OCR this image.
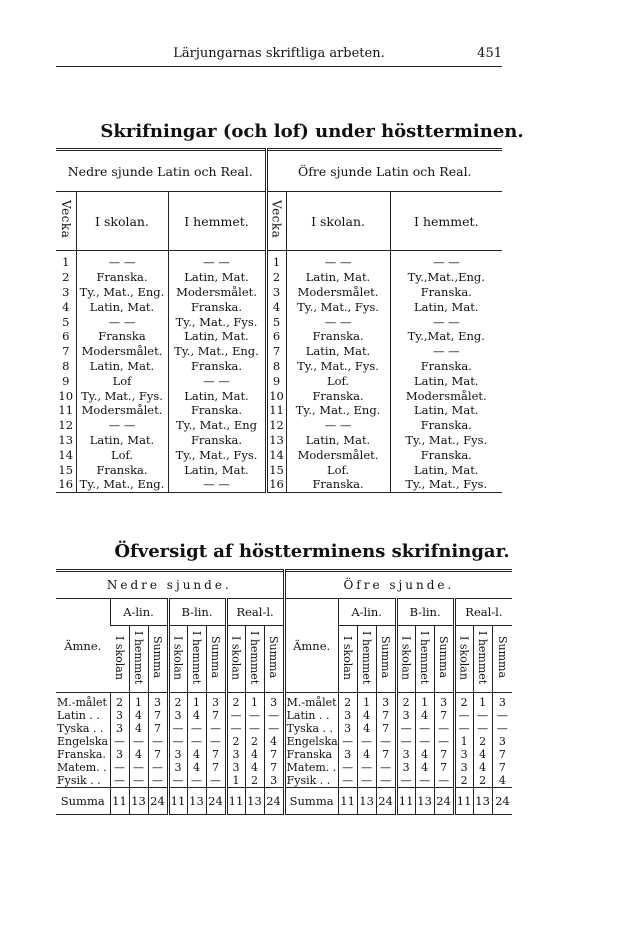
Lärjungarnas skriftliga arbeten.	451
Skrifningar (och lof) under höstterminen.
Nedre sjunde Latin och Real.			Öfre sjunde Latin och Real.		
Vecka	I skolan.	I hemmet.	Vecka	I skolan.	I hemmet.

1	— —	— —	1	— —	— —
2	Franska.	Latin, Mat.	2	Latin, Mat.	Ty.,Mat.,Eng.
3	Ty., Mat., Eng.	Modersmålet.	3	Modersmålet.	Franska.
4	Latin, Mat.	Franska.	4	Ty., Mat., Fys.	Latin, Mat.
5	— —	Ty., Mat., Fys.	5	— —	— —
6	Franska	Latin, Mat.	6	Franska.	Ty.,Mat, Eng.
7	Modersmålet.	Ty., Mat., Eng.	7	Latin, Mat.	— —
8	Latin, Mat.	Franska.	8	Ty., Mat., Fys.	Franska.
9	Lof	— —	9	Lof.	Latin, Mat.
10	Ty., Mat., Fys.	Latin, Mat.	10	Franska.	Modersmålet.
11	Modersmålet.	Franska.	11	Ty., Mat., Eng.	Latin, Mat.
12	— —	Ty., Mat., Eng	12	— —	Franska.
13	Latin, Mat.	Franska.	13	Latin, Mat.	Ty., Mat., Fys.
14	Lof.	Ty., Mat., Fys.	14	Modersmålet.	Franska.
15	Franska.	Latin, Mat.	15	Lof.	Latin, Mat.
16	Ty., Mat., Eng.	— —	16	Franska.	Ty., Mat., Fys.
Öfversigt af höstterminens skrifningar.
Nedre sjunde.										Öfre sjunde.									
Ämne.	A-lin.			B-lin.			Real-l.			Ämne.	A-lin.			B-lin.			Real-l.		
	I skolan	I hemmet	Summa	I skolan	I hemmet	Summa	I skolan	I hemmet	Summa		I skolan	I hemmet	Summa	I skolan	I hemmet	Summa	I skolan	I hemmet	Summa

M.-målet	2	1	3	2	1	3	2	1	3	M.-målet	2	1	3	2	1	3	2	1	3
Latin . .	3	4	7	3	4	7	—	—	—	Latin . .	3	4	7	3	4	7	—	—	—
Tyska . .	3	4	7	—	—	—	—	—	—	Tyska . .	3	4	7	—	—	—	—	—	—
Engelska	—	—	—	—	—	—	2	2	4	Engelska	—	—	—	—	—	—	1	2	3
Franska.	3	4	7	3	4	7	3	4	7	Franska	3	4	7	3	4	7	3	4	7
Matem. .	—	—	—	3	4	7	3	4	7	Matem. .	—	—	—	3	4	7	3	4	7
Fysik . .	—	—	—	—	—	—	1	2	3	Fysik . .	—	—	—	—	—	—	2	2	4
Summa	11	13	24	11	13	24	11	13	24	Summa	11	13	24	11	13	24	11	13	24
